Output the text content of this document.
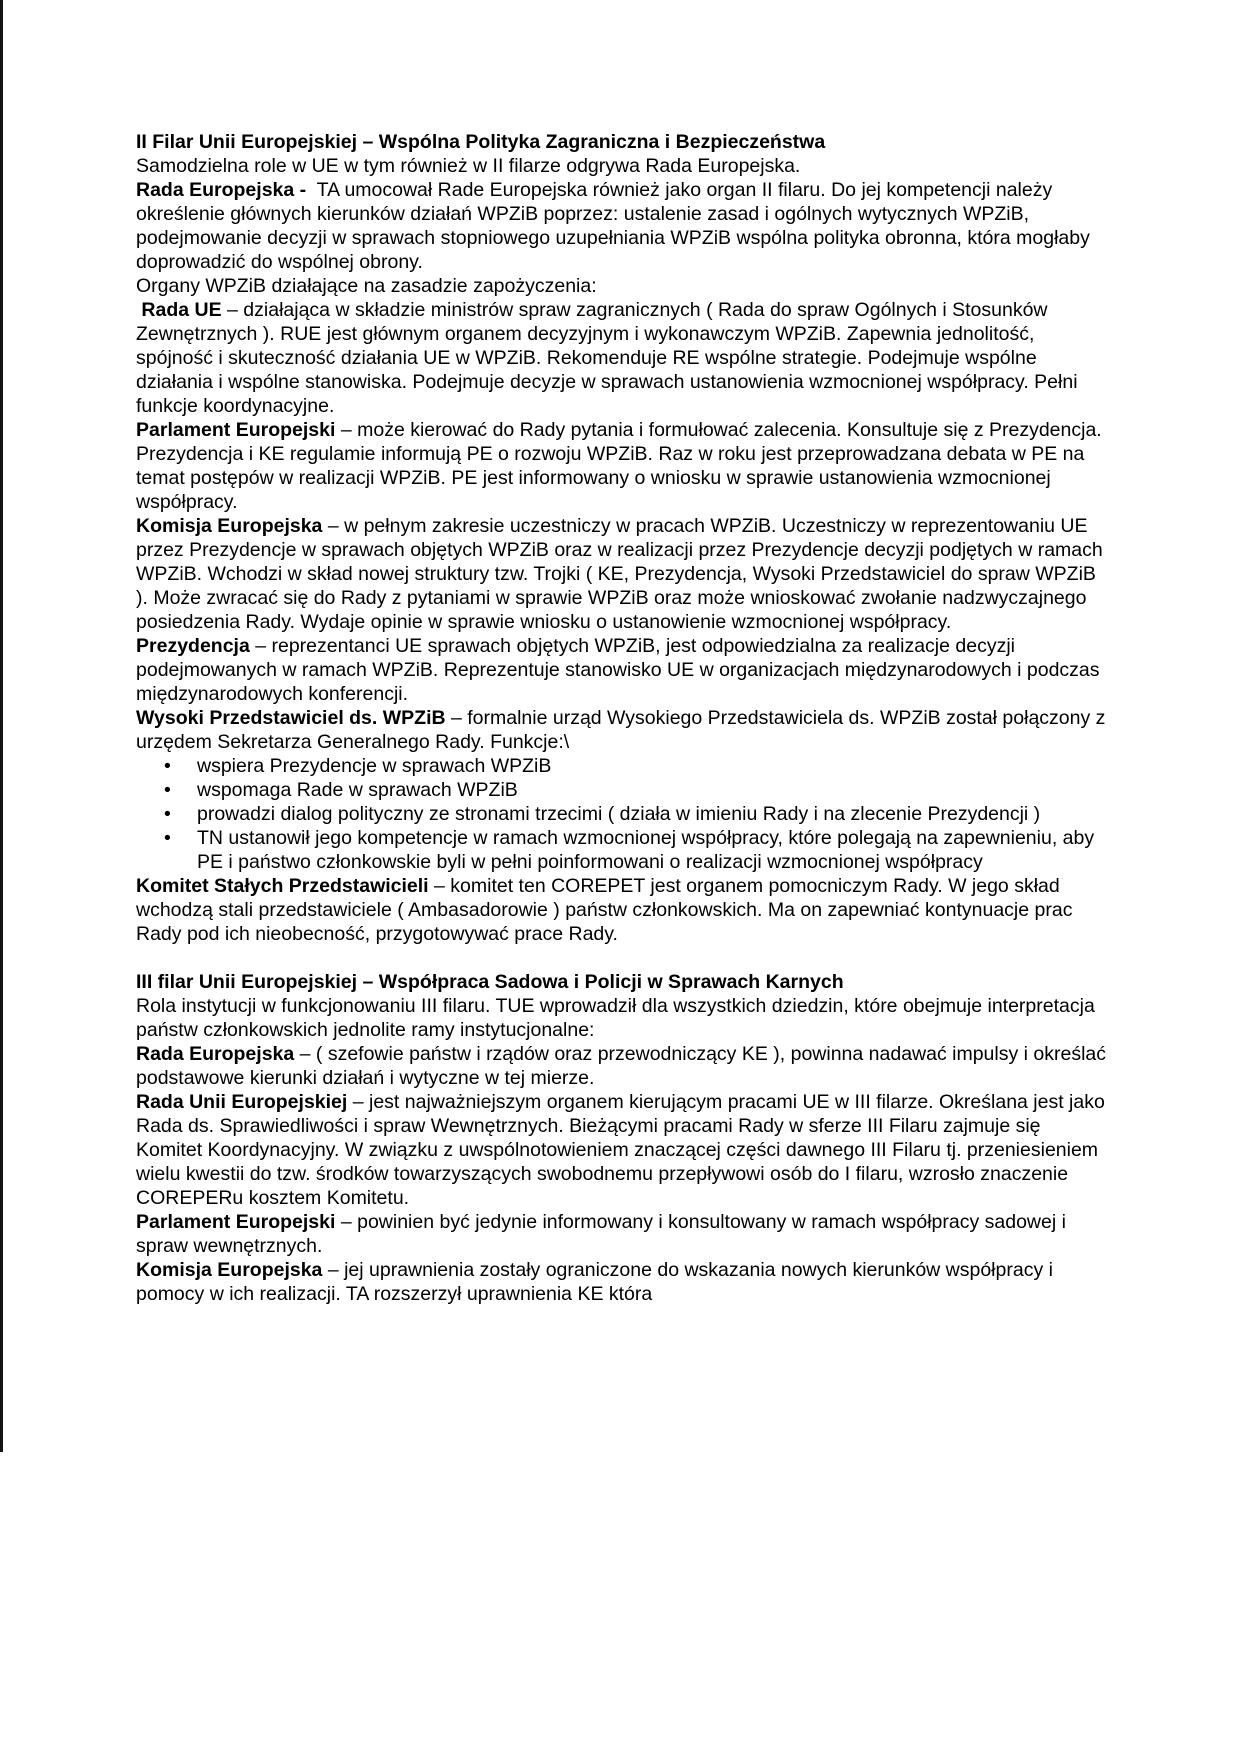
II Filar Unii Europejskiej – Wspólna Polityka Zagraniczna i Bezpieczeństwa

Samodzielna role w UE w tym również w II filarze odgrywa Rada Europejska.

Rada Europejska -  TA umocował Rade Europejska również jako organ II filaru. Do jej kompetencji należy określenie głównych kierunków działań WPZiB poprzez: ustalenie zasad i ogólnych wytycznych WPZiB,  podejmowanie decyzji w sprawach stopniowego uzupełniania WPZiB wspólna polityka obronna, która mogłaby doprowadzić do wspólnej obrony.

Organy WPZiB działające na zasadzie zapożyczenia:

Rada UE – działająca w składzie ministrów spraw zagranicznych ( Rada do spraw Ogólnych i Stosunków  Zewnętrznych ). RUE jest głównym organem decyzyjnym i wykonawczym WPZiB. Zapewnia jednolitość, spójność i skuteczność działania UE w WPZiB. Rekomenduje RE wspólne strategie. Podejmuje wspólne działania i wspólne stanowiska. Podejmuje decyzje w sprawach ustanowienia wzmocnionej współpracy. Pełni funkcje koordynacyjne.

Parlament Europejski – może kierować do Rady pytania i formułować zalecenia. Konsultuje się z Prezydencja. Prezydencja i KE regulamie informują PE o rozwoju WPZiB. Raz w roku jest przeprowadzana debata w PE na temat postępów w realizacji WPZiB. PE jest informowany o wniosku w sprawie ustanowienia wzmocnionej współpracy.

Komisja Europejska – w pełnym zakresie uczestniczy w pracach WPZiB. Uczestniczy w reprezentowaniu UE przez Prezydencje w sprawach objętych WPZiB oraz w realizacji przez Prezydencje decyzji podjętych w ramach WPZiB. Wchodzi w skład nowej struktury tzw. Trojki ( KE, Prezydencja, Wysoki Przedstawiciel do spraw WPZiB ). Może zwracać się do Rady z pytaniami w sprawie WPZiB oraz może wnioskować zwołanie nadzwyczajnego posiedzenia Rady. Wydaje opinie w sprawie wniosku o ustanowienie wzmocnionej współpracy.

Prezydencja – reprezentanci UE sprawach objętych WPZiB, jest odpowiedzialna za realizacje decyzji podejmowanych w ramach WPZiB. Reprezentuje stanowisko UE w organizacjach międzynarodowych i podczas międzynarodowych konferencji.

Wysoki Przedstawiciel ds. WPZiB – formalnie urząd Wysokiego Przedstawiciela ds. WPZiB został połączony z urzędem Sekretarza Generalnego Rady. Funkcje:\

• wspiera Prezydencje w sprawach WPZiB
• wspomaga Rade w sprawach WPZiB
• prowadzi dialog polityczny ze stronami trzecimi ( działa w imieniu Rady i na zlecenie Prezydencji )
• TN ustanowił jego kompetencje w ramach wzmocnionej współpracy, które polegają na zapewnieniu, aby PE i państwo członkowskie byli w pełni poinformowani o realizacji wzmocnionej współpracy

Komitet Stałych Przedstawicieli – komitet ten COREPET jest organem pomocniczym Rady. W jego skład wchodzą stali przedstawiciele ( Ambasadorowie ) państw członkowskich. Ma on zapewniać kontynuacje prac Rady pod ich nieobecność, przygotowywać prace Rady.

III filar Unii Europejskiej – Współpraca Sadowa i Policji w Sprawach Karnych

Rola instytucji w funkcjonowaniu III filaru. TUE wprowadził dla wszystkich dziedzin, które obejmuje interpretacja państw członkowskich jednolite ramy instytucjonalne:

Rada Europejska – ( szefowie państw i rządów oraz przewodniczący KE ), powinna nadawać impulsy i określać podstawowe kierunki działań i wytyczne w tej mierze.

Rada Unii Europejskiej – jest najważniejszym organem kierującym pracami UE w III filarze. Określana jest jako Rada ds. Sprawiedliwości i spraw Wewnętrznych. Bieżącymi pracami Rady w sferze III Filaru zajmuje się Komitet Koordynacyjny. W związku z uwspólnotowieniem znaczącej części dawnego III Filaru tj. przeniesieniem wielu kwestii do tzw. środków towarzyszących swobodnemu przepływowi osób do I filaru, wzrosło znaczenie COREPERu kosztem Komitetu.

Parlament Europejski – powinien być jedynie informowany i konsultowany w ramach współpracy sadowej i spraw wewnętrznych.

Komisja Europejska – jej uprawnienia zostały ograniczone do wskazania nowych kierunków współpracy i pomocy w ich realizacji. TA rozszerzył uprawnienia KE która
